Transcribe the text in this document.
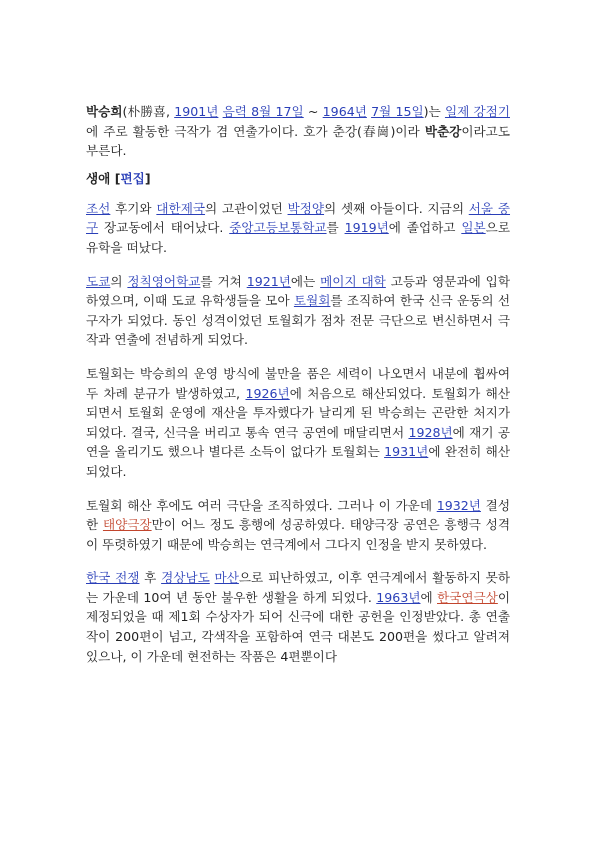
박승희(朴勝喜, 1901년 음력 8월 17일 ~ 1964년 7월 15일)는 일제 강점기에 주로 활동한 극작가 겸 연출가이다. 호가 춘강(春崗)이라 박춘강이라고도 부른다.

생애 [편집]

조선 후기와 대한제국의 고관이었던 박정양의 셋째 아들이다. 지금의 서울 중구 장교동에서 태어났다. 중앙고등보통학교를 1919년에 졸업하고 일본으로 유학을 떠났다.

도쿄의 정칙영어학교를 거쳐 1921년에는 메이지 대학 고등과 영문과에 입학하였으며, 이때 도쿄 유학생들을 모아 토월회를 조직하여 한국 신극 운동의 선구자가 되었다. 동인 성격이었던 토월회가 점차 전문 극단으로 변신하면서 극작과 연출에 전념하게 되었다.

토월회는 박승희의 운영 방식에 불만을 품은 세력이 나오면서 내분에 휩싸여 두 차례 분규가 발생하였고, 1926년에 처음으로 해산되었다. 토월회가 해산되면서 토월회 운영에 재산을 투자했다가 날리게 된 박승희는 곤란한 처지가 되었다. 결국, 신극을 버리고 통속 연극 공연에 매달리면서 1928년에 재기 공연을 올리기도 했으나 별다른 소득이 없다가 토월회는 1931년에 완전히 해산되었다.

토월회 해산 후에도 여러 극단을 조직하였다. 그러나 이 가운데 1932년 결성한 태양극장만이 어느 정도 흥행에 성공하였다. 태양극장 공연은 흥행극 성격이 뚜렷하였기 때문에 박승희는 연극계에서 그다지 인정을 받지 못하였다.

한국 전쟁 후 경상남도 마산으로 피난하였고, 이후 연극계에서 활동하지 못하는 가운데 10여 년 동안 불우한 생활을 하게 되었다. 1963년에 한국연극상이 제정되었을 때 제1회 수상자가 되어 신극에 대한 공헌을 인정받았다. 총 연출작이 200편이 넘고, 각색작을 포함하여 연극 대본도 200편을 썼다고 알려져 있으나, 이 가운데 현전하는 작품은 4편뿐이다
